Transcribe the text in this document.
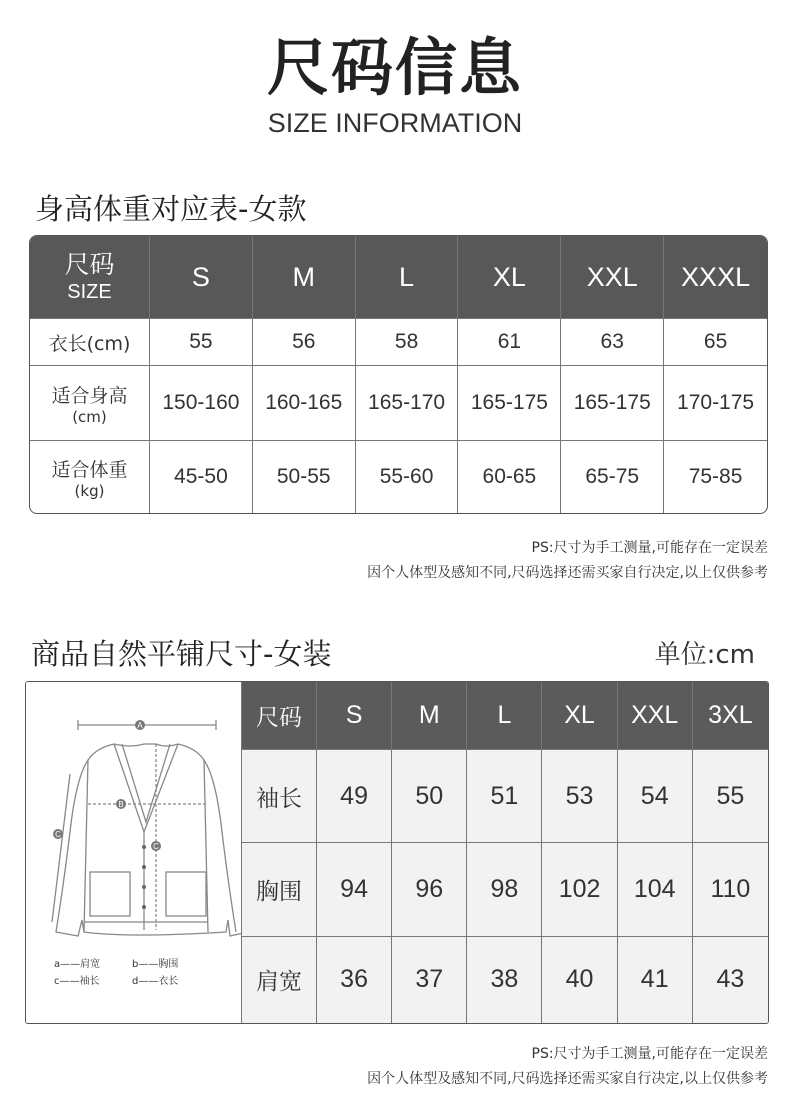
尺码信息
SIZE INFORMATION
身高体重对应表-女款
尺码
SIZE	S	M	L	XL	XXL	XXXL
衣长(cm)	55	56	58	61	63	65

适合身高
(cm)	150-160	160-165	165-170	165-175	165-175	170-175

适合体重
(kg)	45-50	50-55	55-60	60-65	65-75	75-85
PS:尺寸为手工测量,可能存在一定误差
因个人体型及感知不同,尺码选择还需买家自行决定,以上仅供参考
商品自然平铺尺寸-女装	单位:cm
A
B
C
C
a——肩宽	b——胸围
c——袖长	d——衣长
尺码	S	M	L	XL	XXL	3XL
袖长	49	50	51	53	54	55
胸围	94	96	98	102	104	110
肩宽	36	37	38	40	41	43
PS:尺寸为手工测量,可能存在一定误差
因个人体型及感知不同,尺码选择还需买家自行决定,以上仅供参考
